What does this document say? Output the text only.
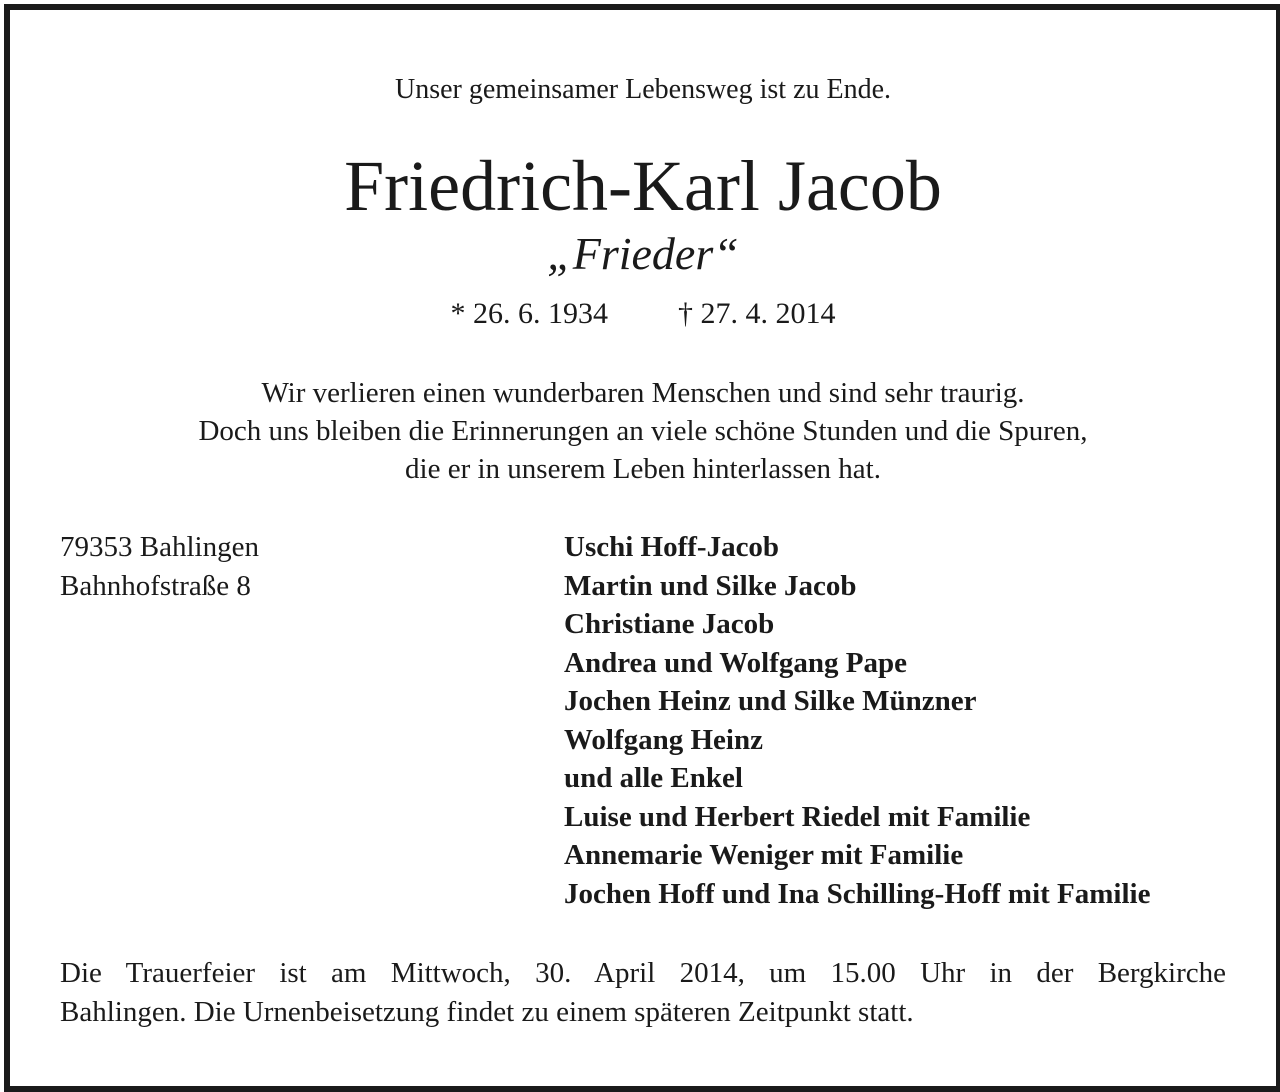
Unser gemeinsamer Lebensweg ist zu Ende.
Friedrich-Karl Jacob
„Frieder“
* 26. 6. 1934 † 27. 4. 2014
Wir verlieren einen wunderbaren Menschen und sind sehr traurig.
Doch uns bleiben die Erinnerungen an viele schöne Stunden und die Spuren,
die er in unserem Leben hinterlassen hat.
79353 Bahlingen
Bahnhofstraße 8
Uschi Hoff-Jacob
Martin und Silke Jacob
Christiane Jacob
Andrea und Wolfgang Pape
Jochen Heinz und Silke Münzner
Wolfgang Heinz
und alle Enkel
Luise und Herbert Riedel mit Familie
Annemarie Weniger mit Familie
Jochen Hoff und Ina Schilling-Hoff mit Familie
Die Trauerfeier ist am Mittwoch, 30. April 2014, um 15.00 Uhr in der Bergkirche
Bahlingen. Die Urnenbeisetzung findet zu einem späteren Zeitpunkt statt.
